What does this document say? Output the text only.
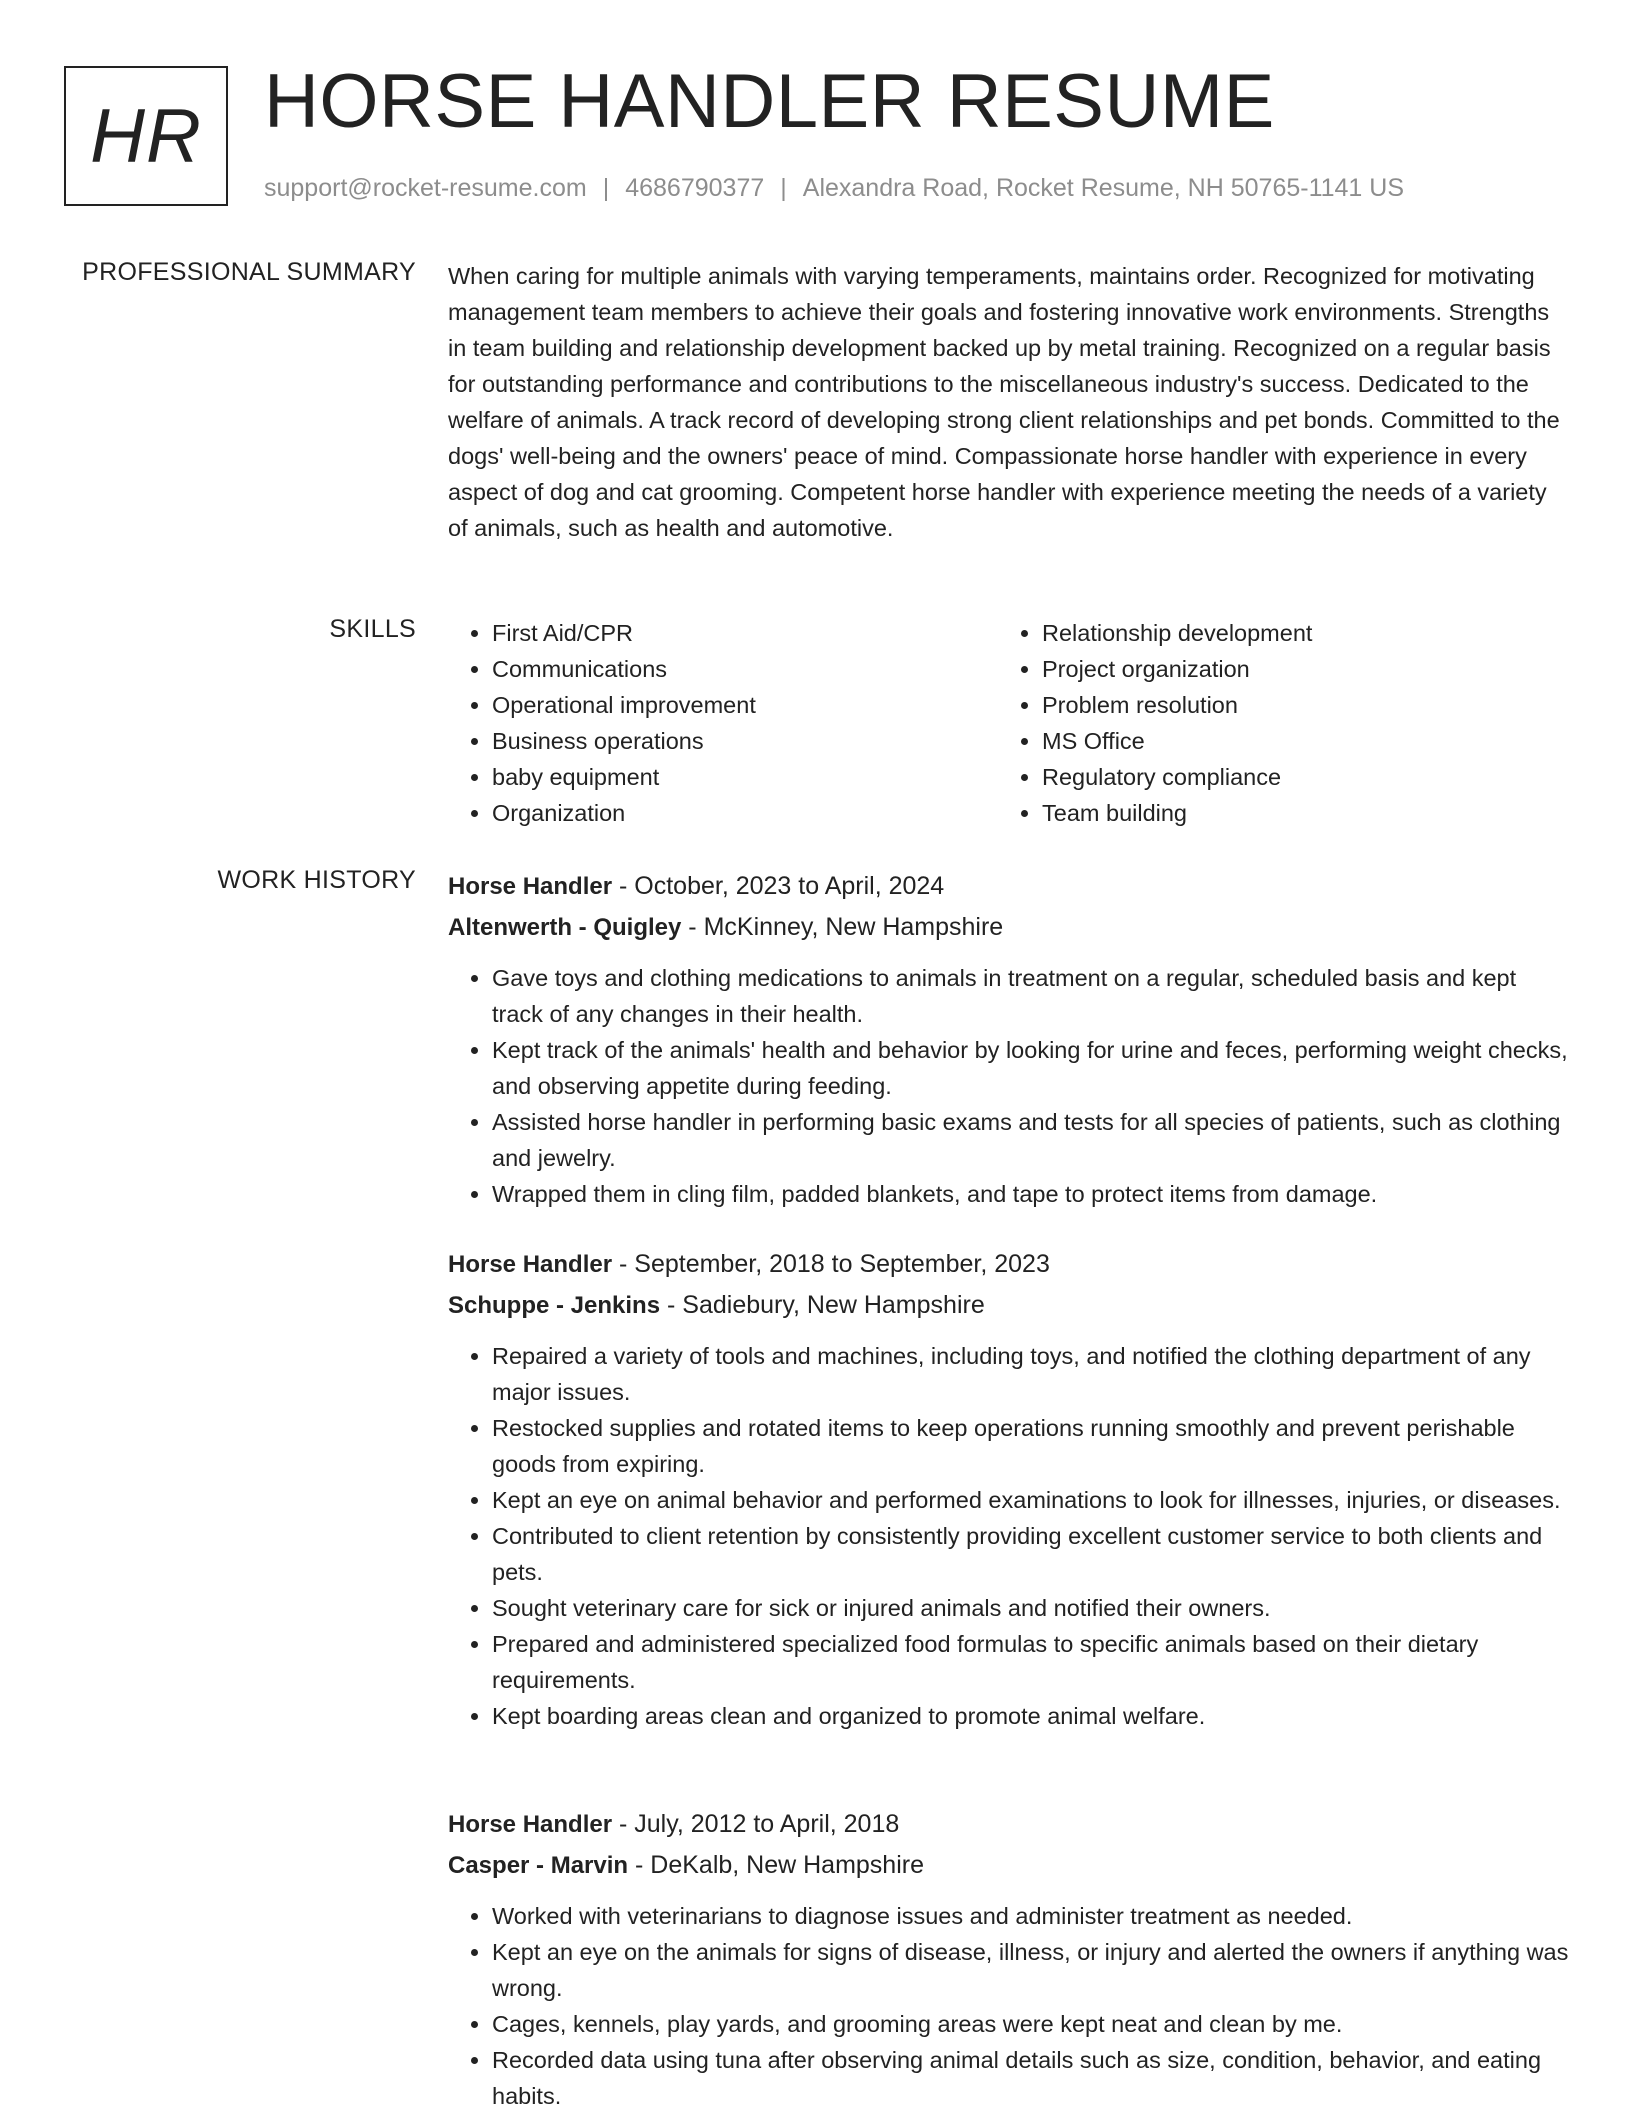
HR HORSE HANDLER RESUME
support@rocket-resume.com | 4686790377 | Alexandra Road, Rocket Resume, NH 50765-1141 US
PROFESSIONAL SUMMARY When caring for multiple animals with varying temperaments, maintains order. Recognized for motivating management team members to achieve their goals and fostering innovative work environments. Strengths in team building and relationship development backed up by metal training. Recognized on a regular basis for outstanding performance and contributions to the miscellaneous industry's success. Dedicated to the welfare of animals. A track record of developing strong client relationships and pet bonds. Committed to the dogs' well-being and the owners' peace of mind. Compassionate horse handler with experience in every aspect of dog and cat grooming. Competent horse handler with experience meeting the needs of a variety of animals, such as health and automotive.

SKILLS
•	First Aid/CPR
• Communications
• Operational improvement
• Business operations
• baby equipment
• Organization
• Relationship development
• Project organization
• Problem resolution
• MS Office
• Regulatory compliance
• Team building
WORK HISTORY Horse Handler - October, 2023 to April, 2024
Altenwerth - Quigley - McKinney, New Hampshire
• Gave toys and clothing medications to animals in treatment on a regular, scheduled basis and kept track of any changes in their health.
• Kept track of the animals' health and behavior by looking for urine and feces, performing weight checks, and observing appetite during feeding.
• Assisted horse handler in performing basic exams and tests for all species of patients, such as clothing and jewelry.
• Wrapped them in cling film, padded blankets, and tape to protect items from damage.
Horse Handler - September, 2018 to September, 2023
Schuppe - Jenkins - Sadiebury, New Hampshire
• Repaired a variety of tools and machines, including toys, and notified the clothing department of any major issues.
• Restocked supplies and rotated items to keep operations running smoothly and prevent perishable goods from expiring.
• Kept an eye on animal behavior and performed examinations to look for illnesses, injuries, or diseases.
• Contributed to client retention by consistently providing excellent customer service to both clients and pets.
• Sought veterinary care for sick or injured animals and notified their owners.
• Prepared and administered specialized food formulas to specific animals based on their dietary requirements.
• Kept boarding areas clean and organized to promote animal welfare.
Horse Handler - July, 2012 to April, 2018
Casper - Marvin - DeKalb, New Hampshire
• Worked with veterinarians to diagnose issues and administer treatment as needed.
• Kept an eye on the animals for signs of disease, illness, or injury and alerted the owners if anything was wrong.
• Cages, kennels, play yards, and grooming areas were kept neat and clean by me.
• Recorded data using tuna after observing animal details such as size, condition, behavior, and eating habits.
